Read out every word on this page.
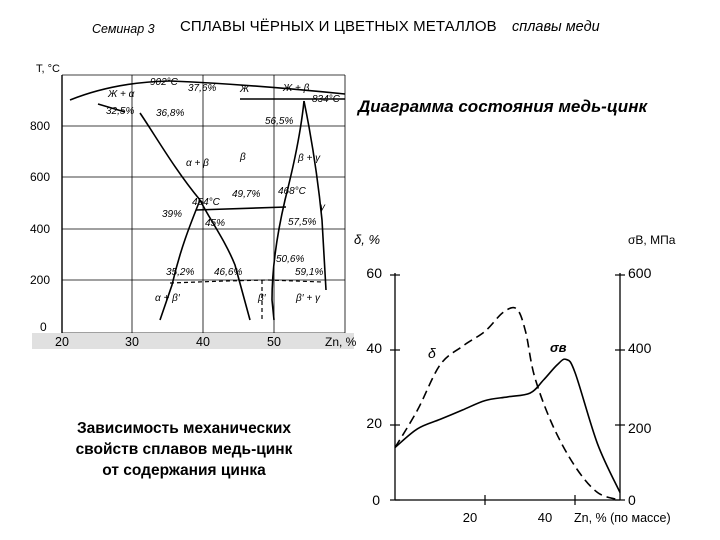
Семинар 3 СПЛАВЫ ЧЁРНЫХ И ЦВЕТНЫХ МЕТАЛЛОВ сплавы меди
Диаграмма состояния медь-цинк
Зависимость механических
свойств сплавов медь-цинк
от содержания цинка
T, °C
800
600
400
200
0
20	30	40	50	Zn, %
902°C
37,6% Ж	Ж + β
834°C
Ж + α
32,5% 36,8%
56,5%
α + β
β	β + γ
49,7% 468°C
454°C
39%
45%	57,5%
γ
50,6%
35,2% 46,6%	59,1%
α + β′	β′	β′ + γ
δ, %	σB, МПа
60
40
20
0
600
400
200
0
20	40 Zn, % (по массе)
δ	σв
